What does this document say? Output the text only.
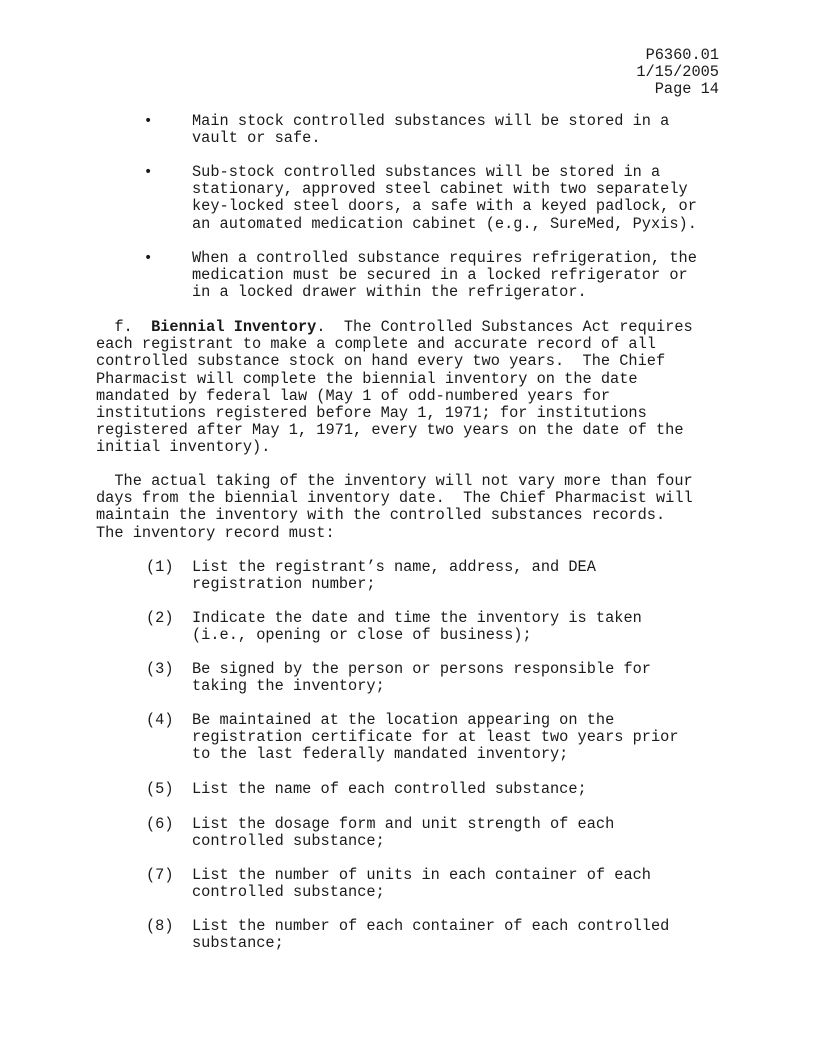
P6360.01
1/15/2005
Page 14
•	Main stock controlled substances will be stored in a
vault or safe.
•	Sub-stock controlled substances will be stored in a
stationary, approved steel cabinet with two separately
key-locked steel doors, a safe with a keyed padlock, or
an automated medication cabinet (e.g., SureMed, Pyxis).
•	When a controlled substance requires refrigeration, the
medication must be secured in a locked refrigerator or
in a locked drawer within the refrigerator.
f.  Biennial Inventory.  The Controlled Substances Act requires
each registrant to make a complete and accurate record of all
controlled substance stock on hand every two years.  The Chief
Pharmacist will complete the biennial inventory on the date
mandated by federal law (May 1 of odd-numbered years for
institutions registered before May 1, 1971; for institutions
registered after May 1, 1971, every two years on the date of the
initial inventory).
The actual taking of the inventory will not vary more than four
days from the biennial inventory date.  The Chief Pharmacist will
maintain the inventory with the controlled substances records.
The inventory record must:
(1) List the registrant’s name, address, and DEA
registration number;
(2) Indicate the date and time the inventory is taken
(i.e., opening or close of business);
(3) Be signed by the person or persons responsible for
taking the inventory;
(4) Be maintained at the location appearing on the
registration certificate for at least two years prior
to the last federally mandated inventory;
(5) List the name of each controlled substance;
(6) List the dosage form and unit strength of each
controlled substance;
(7) List the number of units in each container of each
controlled substance;
(8) List the number of each container of each controlled
substance;
